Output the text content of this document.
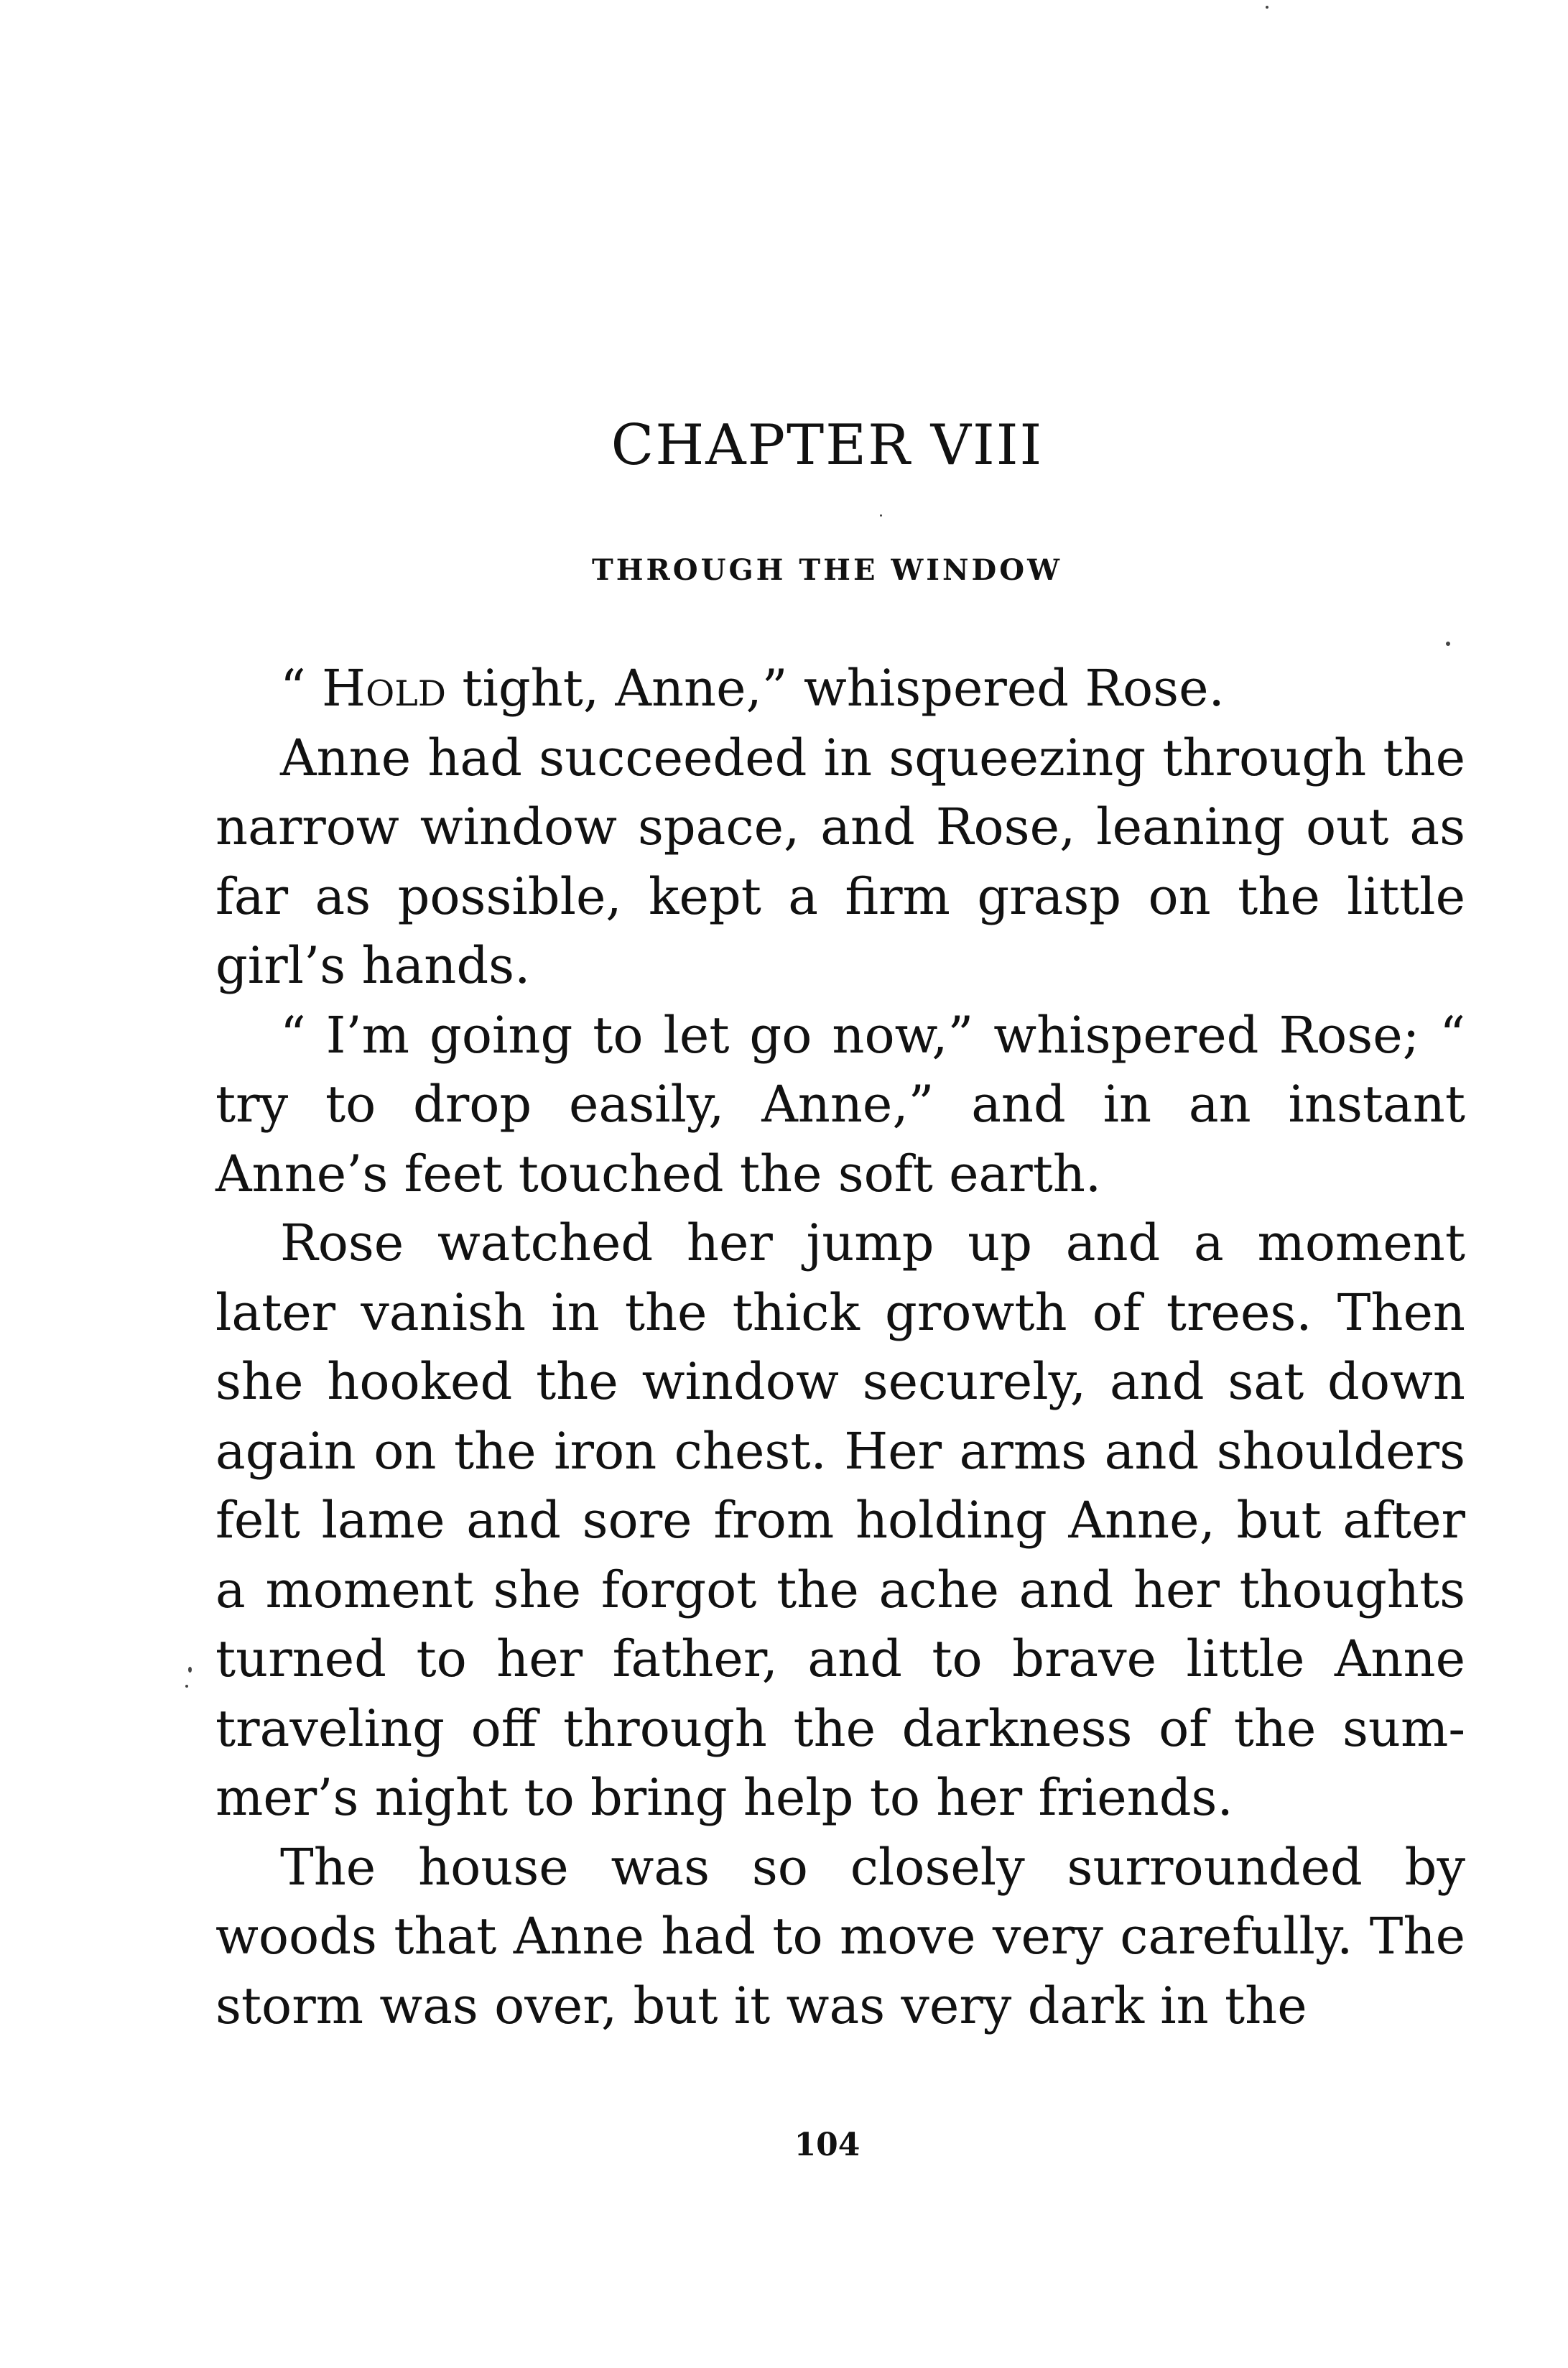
CHAPTER VIII
THROUGH THE WINDOW

“ Hold tight, Anne,” whispered Rose.

Anne had succeeded in squeezing through the narrow window space, and Rose, leaning out as far as possible, kept a firm grasp on the little girl’s hands.

“ I’m going to let go now,” whispered Rose; “ try to drop easily, Anne,” and in an instant Anne’s feet touched the soft earth.

Rose watched her jump up and a moment later vanish in the thick growth of trees. Then she hooked the window securely, and sat down again on the iron chest. Her arms and shoulders felt lame and sore from holding Anne, but after a moment she forgot the ache and her thoughts turned to her father, and to brave little Anne traveling off through the darkness of the sum-mer’s night to bring help to her friends.

The house was so closely surrounded by woods that Anne had to move very carefully. The storm was over, but it was very dark in the

104
